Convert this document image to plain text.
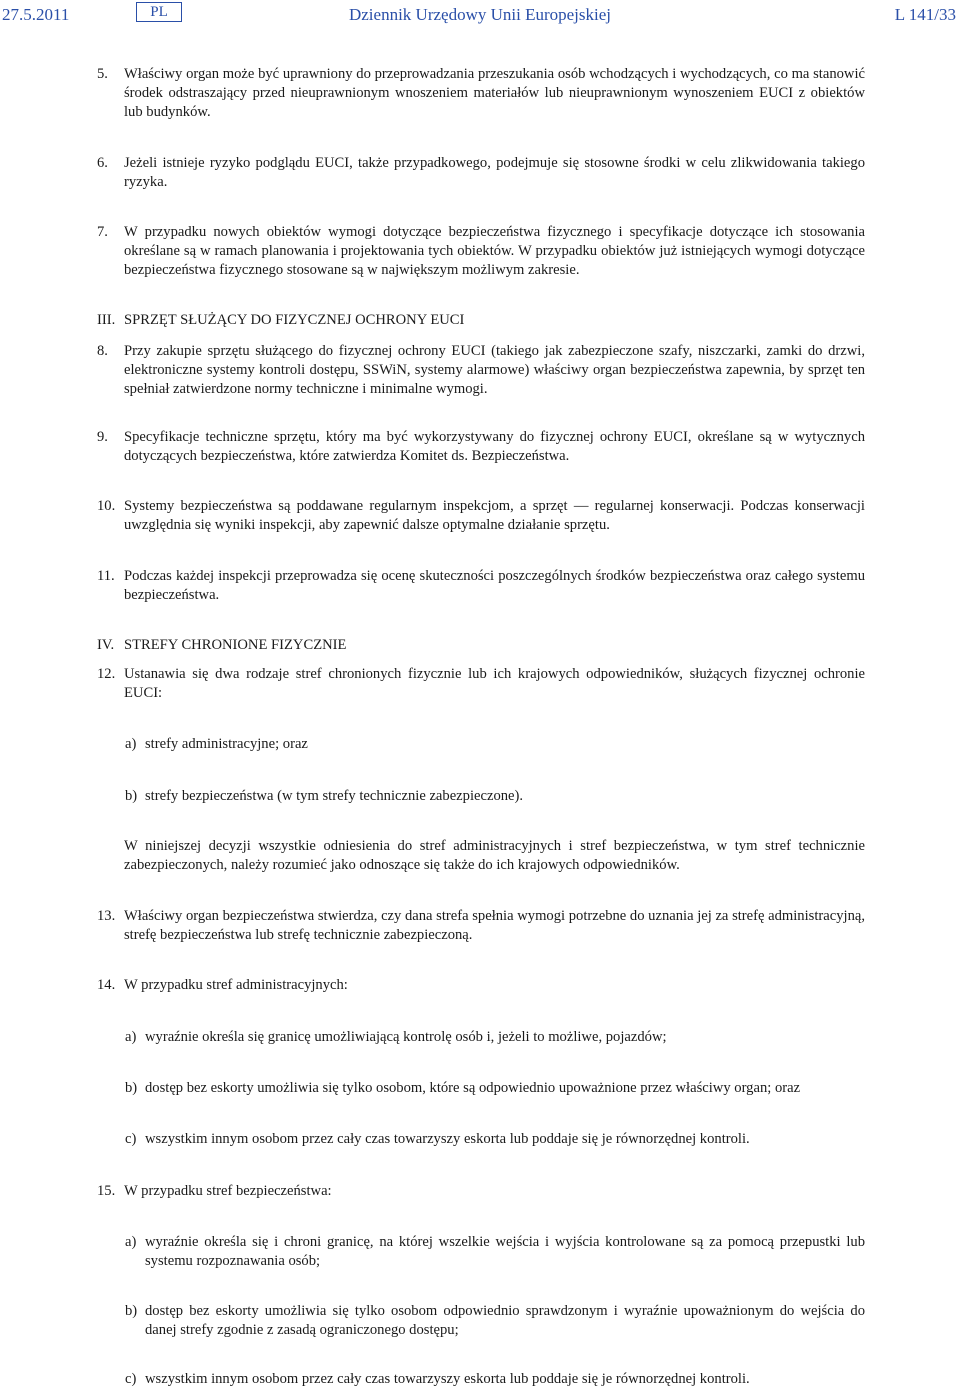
27.5.2011	PL	Dziennik Urzędowy Unii Europejskiej	L 141/33
5. Właściwy organ może być uprawniony do przeprowadzania przeszukania osób wchodzących i wychodzących, co ma stanowić środek odstraszający przed nieuprawnionym wnoszeniem materiałów lub nieuprawnionym wynoszeniem EUCI z obiektów lub budynków.
6. Jeżeli istnieje ryzyko podglądu EUCI, także przypadkowego, podejmuje się stosowne środki w celu zlikwidowania takiego ryzyka.
7. W przypadku nowych obiektów wymogi dotyczące bezpieczeństwa fizycznego i specyfikacje dotyczące ich stosowania określane są w ramach planowania i projektowania tych obiektów. W przypadku obiektów już istniejących wymogi dotyczące bezpieczeństwa fizycznego stosowane są w największym możliwym zakresie.
III. SPRZĘT SŁUŻĄCY DO FIZYCZNEJ OCHRONY EUCI
8. Przy zakupie sprzętu służącego do fizycznej ochrony EUCI (takiego jak zabezpieczone szafy, niszczarki, zamki do drzwi, elektroniczne systemy kontroli dostępu, SSWiN, systemy alarmowe) właściwy organ bezpieczeństwa zapewnia, by sprzęt ten spełniał zatwierdzone normy techniczne i minimalne wymogi.
9. Specyfikacje techniczne sprzętu, który ma być wykorzystywany do fizycznej ochrony EUCI, określane są w wytycznych dotyczących bezpieczeństwa, które zatwierdza Komitet ds. Bezpieczeństwa.
10. Systemy bezpieczeństwa są poddawane regularnym inspekcjom, a sprzęt — regularnej konserwacji. Podczas konserwacji uwzględnia się wyniki inspekcji, aby zapewnić dalsze optymalne działanie sprzętu.
11. Podczas każdej inspekcji przeprowadza się ocenę skuteczności poszczególnych środków bezpieczeństwa oraz całego systemu bezpieczeństwa.
IV. STREFY CHRONIONE FIZYCZNIE
12. Ustanawia się dwa rodzaje stref chronionych fizycznie lub ich krajowych odpowiedników, służących fizycznej ochronie EUCI:
a) strefy administracyjne; oraz
b) strefy bezpieczeństwa (w tym strefy technicznie zabezpieczone).
W niniejszej decyzji wszystkie odniesienia do stref administracyjnych i stref bezpieczeństwa, w tym stref technicznie zabezpieczonych, należy rozumieć jako odnoszące się także do ich krajowych odpowiedników.
13. Właściwy organ bezpieczeństwa stwierdza, czy dana strefa spełnia wymogi potrzebne do uznania jej za strefę administracyjną, strefę bezpieczeństwa lub strefę technicznie zabezpieczoną.
14. W przypadku stref administracyjnych:
a) wyraźnie określa się granicę umożliwiającą kontrolę osób i, jeżeli to możliwe, pojazdów;
b) dostęp bez eskorty umożliwia się tylko osobom, które są odpowiednio upoważnione przez właściwy organ; oraz
c) wszystkim innym osobom przez cały czas towarzyszy eskorta lub poddaje się je równorzędnej kontroli.
15. W przypadku stref bezpieczeństwa:
a) wyraźnie określa się i chroni granicę, na której wszelkie wejścia i wyjścia kontrolowane są za pomocą przepustki lub systemu rozpoznawania osób;
b) dostęp bez eskorty umożliwia się tylko osobom odpowiednio sprawdzonym i wyraźnie upoważnionym do wejścia do danej strefy zgodnie z zasadą ograniczonego dostępu;
c) wszystkim innym osobom przez cały czas towarzyszy eskorta lub poddaje się je równorzędnej kontroli.
